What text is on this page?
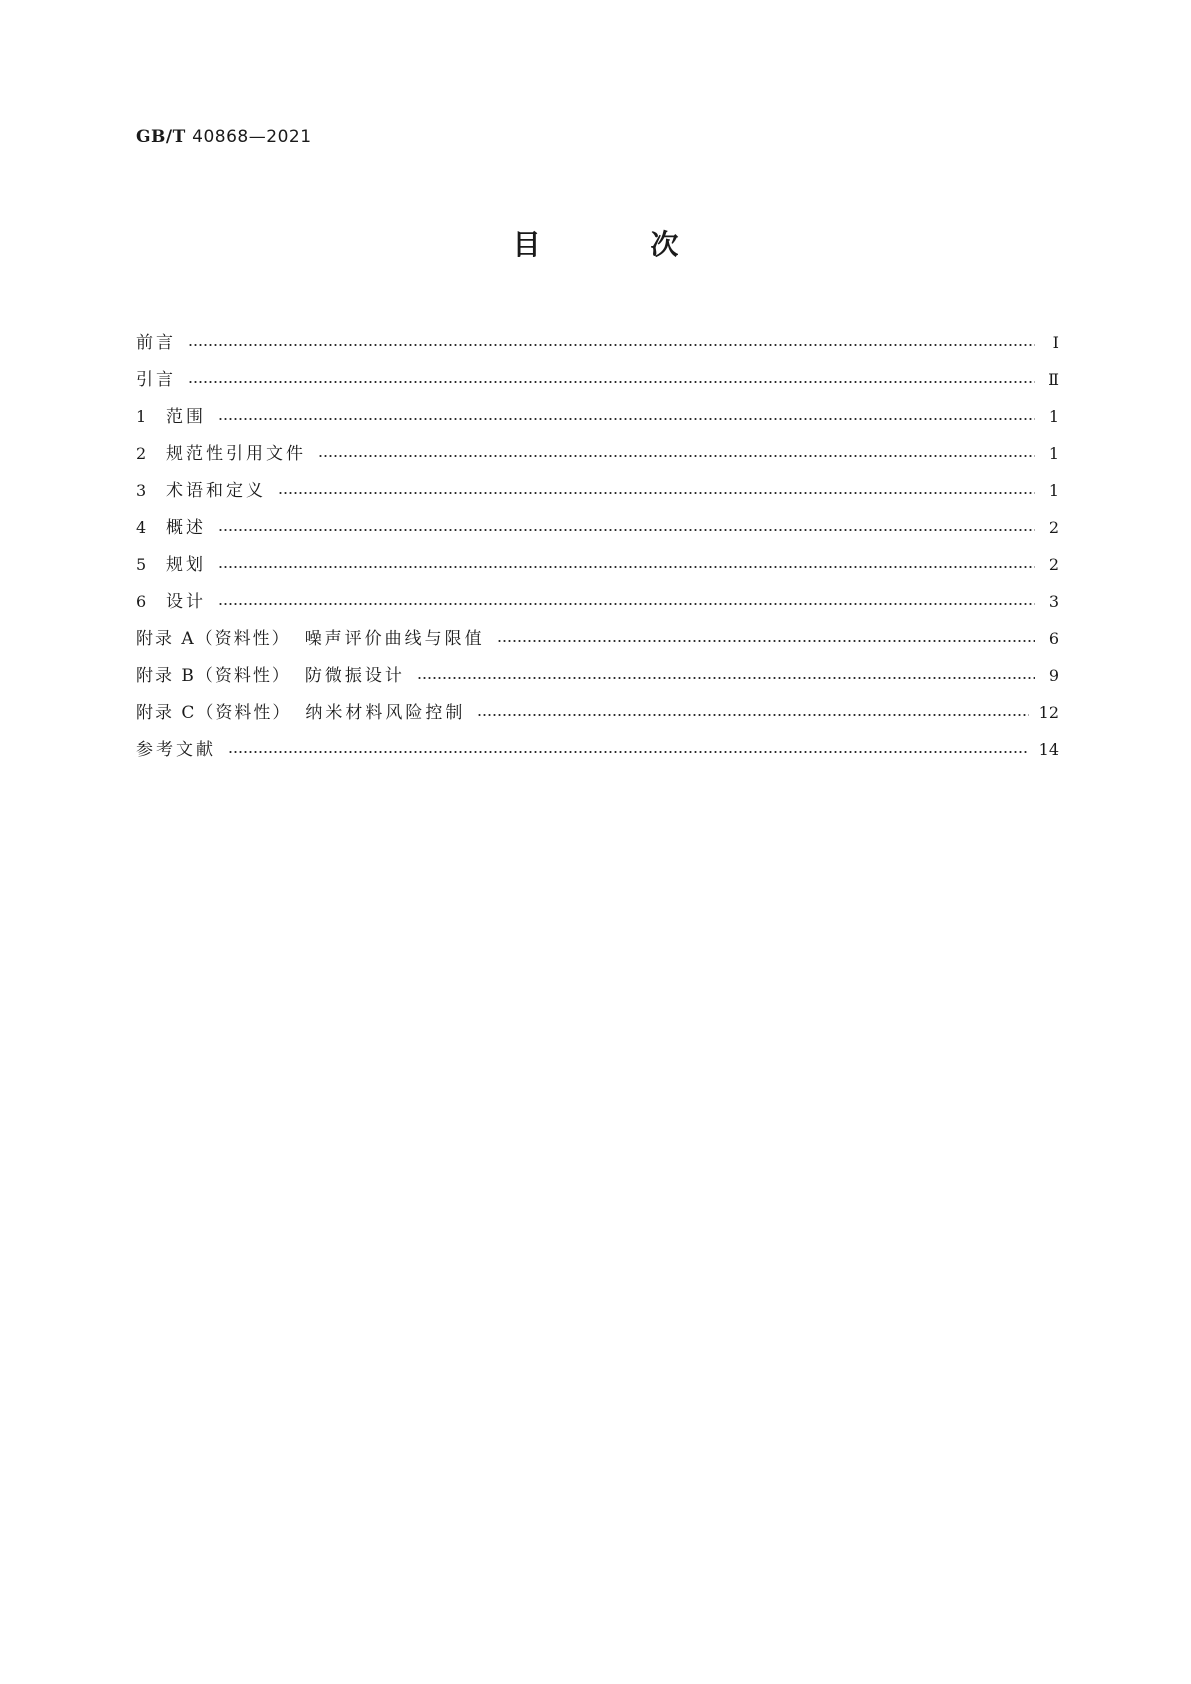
GB/T 40868—2021
目 次
前言	Ⅰ
引言	Ⅱ
1	范围	1
2	规范性引用文件	1
3	术语和定义	1
4	概述	2
5	规划	2
6	设计	3
附录 A（资料性） 噪声评价曲线与限值	6
附录 B（资料性） 防微振设计	9
附录 C（资料性） 纳米材料风险控制	12
参考文献	14
